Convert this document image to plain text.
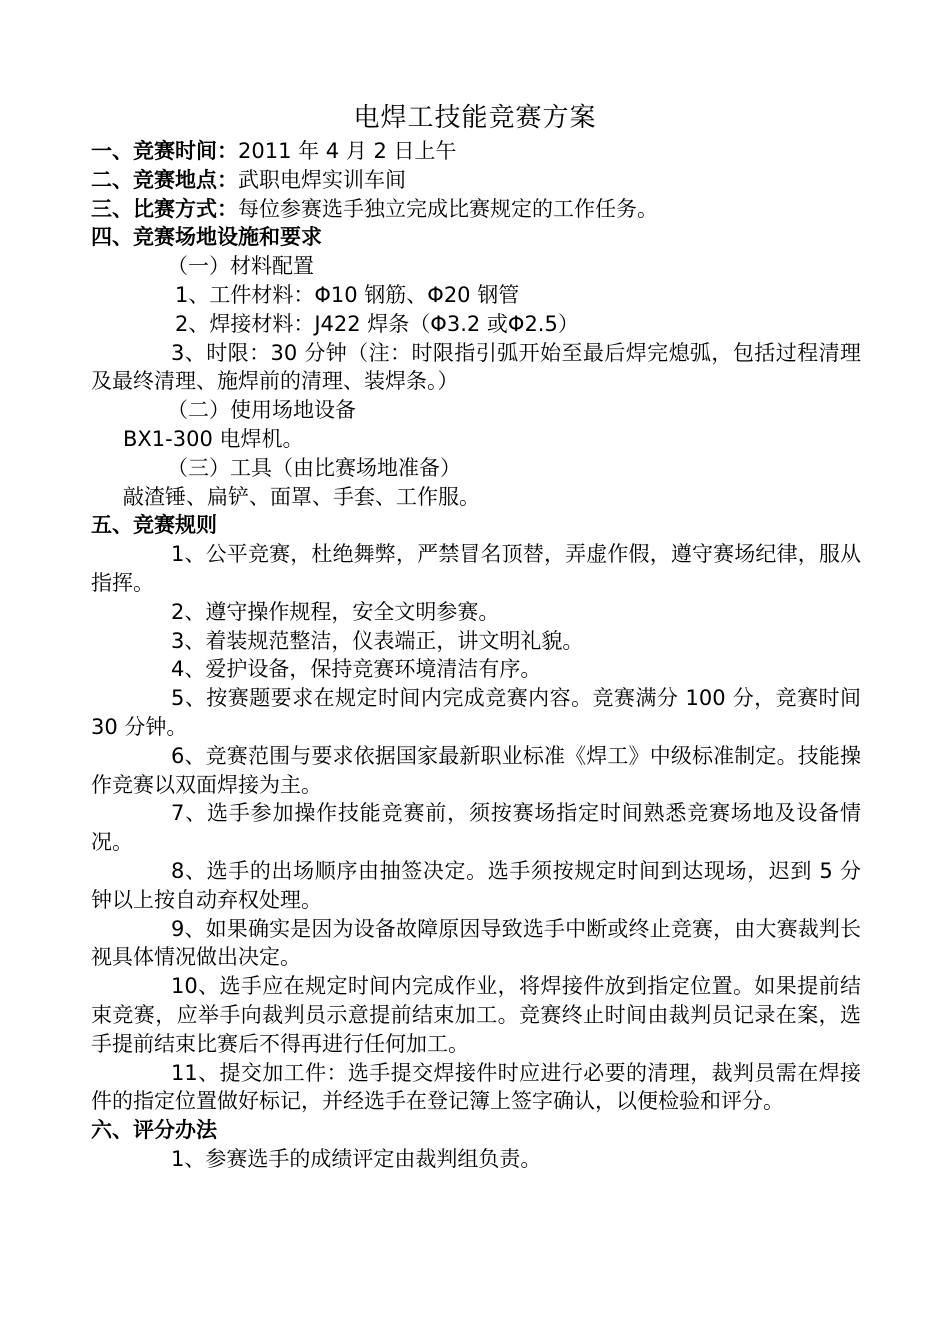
电焊工技能竞赛方案
一、竞赛时间：2011 年 4 月 2 日上午
二、竞赛地点：武职电焊实训车间
三、比赛方式：每位参赛选手独立完成比赛规定的工作任务。
四、竞赛场地设施和要求
（一）材料配置
1、工件材料：Φ10 钢筋、Φ20 钢管
2、焊接材料：J422 焊条（Φ3.2 或Φ2.5）
3、时限：30 分钟（注：时限指引弧开始至最后焊完熄弧，包括过程清理及最终清理、施焊前的清理、装焊条。）
（二）使用场地设备
BX1-300 电焊机。
（三）工具（由比赛场地准备）
敲渣锤、扁铲、面罩、手套、工作服。
五、竞赛规则
1、公平竞赛，杜绝舞弊，严禁冒名顶替，弄虚作假，遵守赛场纪律，服从指挥。
2、遵守操作规程，安全文明参赛。
3、着装规范整洁，仪表端正，讲文明礼貌。
4、爱护设备，保持竞赛环境清洁有序。
5、按赛题要求在规定时间内完成竞赛内容。竞赛满分 100 分，竞赛时间 30 分钟。
6、竞赛范围与要求依据国家最新职业标准《焊工》中级标准制定。技能操作竞赛以双面焊接为主。
7、选手参加操作技能竞赛前，须按赛场指定时间熟悉竞赛场地及设备情况。
8、选手的出场顺序由抽签决定。选手须按规定时间到达现场，迟到 5 分钟以上按自动弃权处理。
9、如果确实是因为设备故障原因导致选手中断或终止竞赛，由大赛裁判长视具体情况做出决定。
10、选手应在规定时间内完成作业，将焊接件放到指定位置。如果提前结束竞赛，应举手向裁判员示意提前结束加工。竞赛终止时间由裁判员记录在案，选手提前结束比赛后不得再进行任何加工。
11、提交加工件：选手提交焊接件时应进行必要的清理，裁判员需在焊接件的指定位置做好标记，并经选手在登记簿上签字确认，以便检验和评分。
六、评分办法
1、参赛选手的成绩评定由裁判组负责。
